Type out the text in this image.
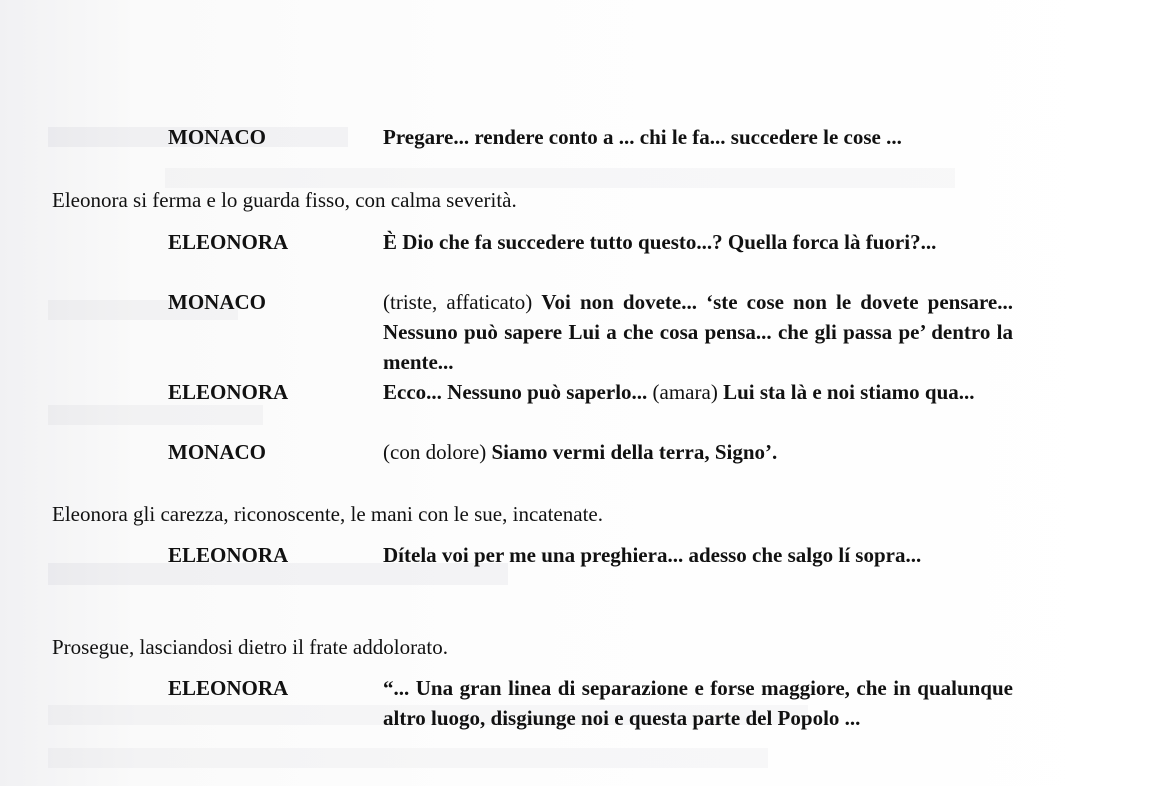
MONACO	Pregare... rendere conto a ... chi le fa... succedere le cose ...
Eleonora si ferma e lo guarda fisso, con calma severità.
ELEONORA	È Dio che fa succedere tutto questo...? Quella forca là fuori?...
MONACO	(triste, affaticato) Voi non dovete... ‘ste cose non le dovete pensare... Nessuno può sapere Lui a che cosa pensa... che gli passa pe’ dentro la mente...
ELEONORA	Ecco... Nessuno può saperlo... (amara) Lui sta là e noi stiamo qua...
MONACO	(con dolore) Siamo vermi della terra, Signo’.
Eleonora gli carezza, riconoscente, le mani con le sue, incatenate.
ELEONORA	Dítela voi per me una preghiera... adesso che salgo lí sopra...
Prosegue, lasciandosi dietro il frate addolorato.
ELEONORA	“... Una gran linea di separazione e forse maggiore, che in qualunque altro luogo, disgiunge noi e questa parte del Popolo ...
